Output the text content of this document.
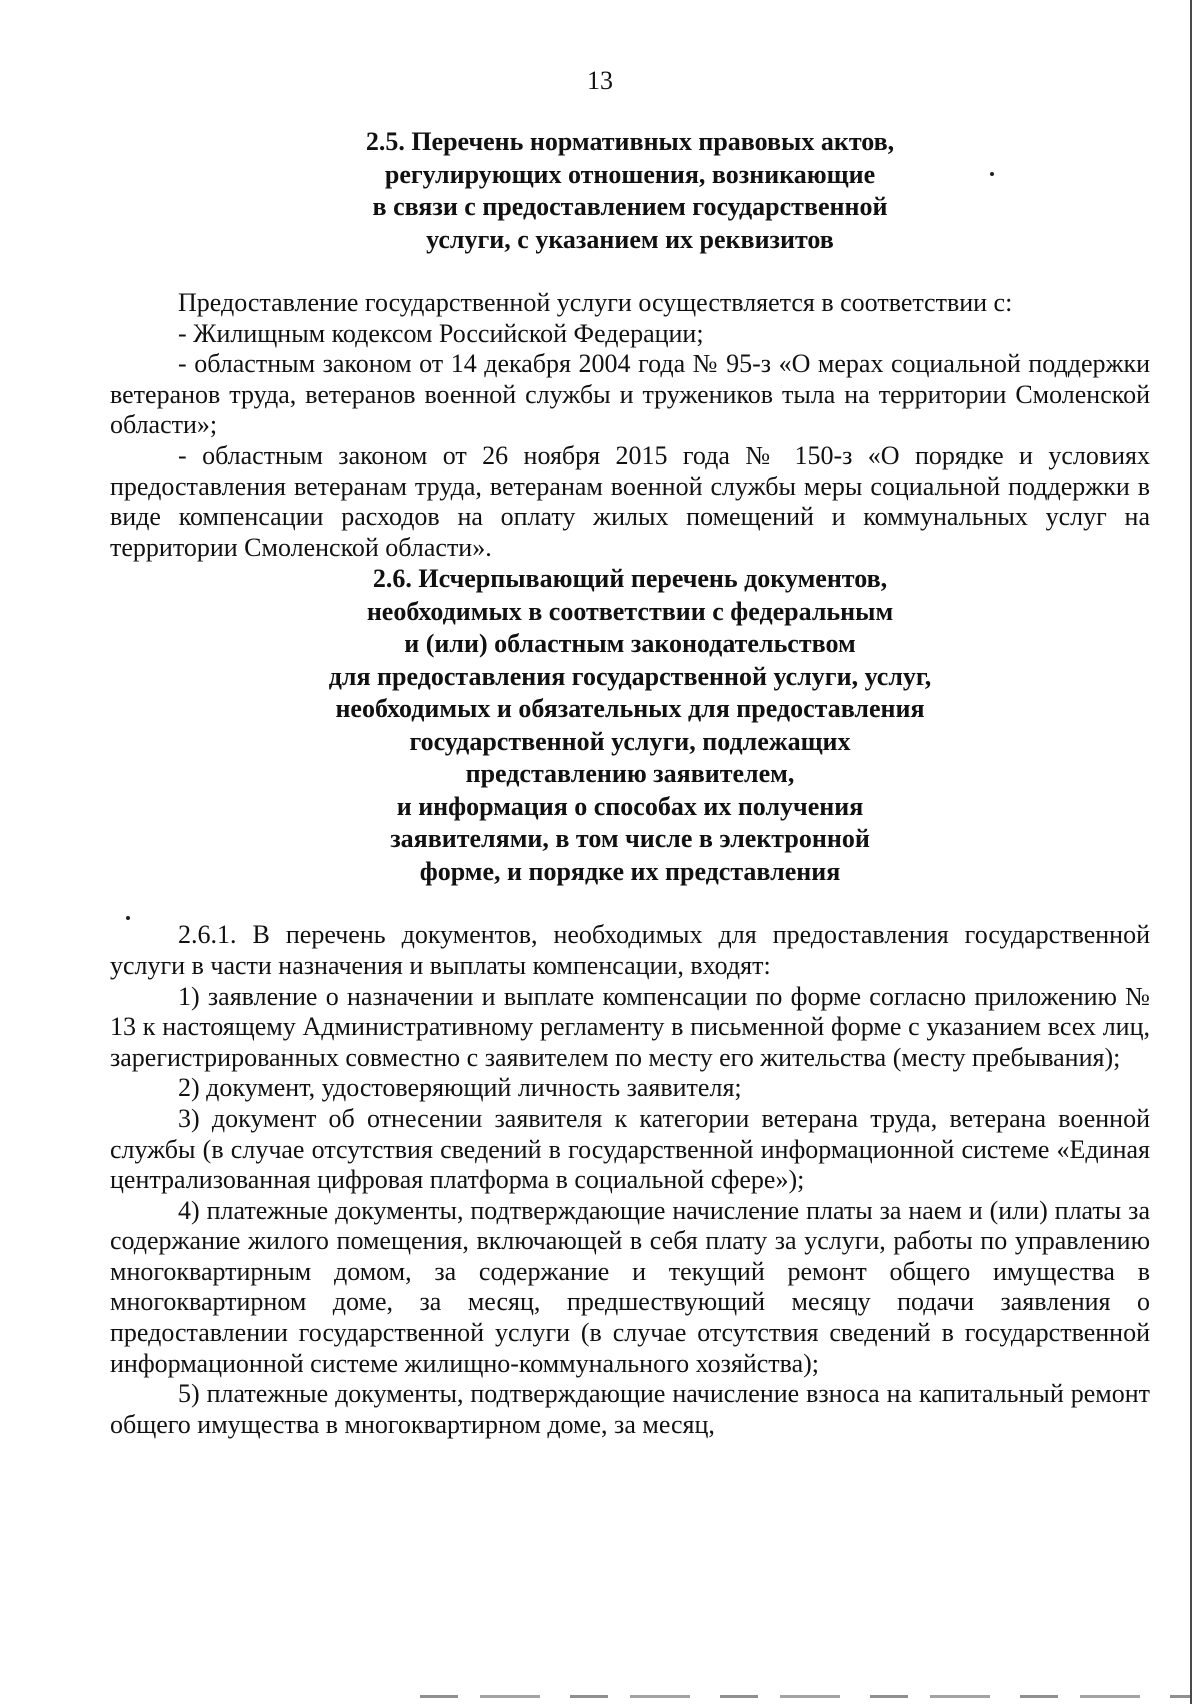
13
2.5. Перечень нормативных правовых актов,
регулирующих отношения, возникающие
в связи с предоставлением государственной
услуги, с указанием их реквизитов

Предоставление государственной услуги осуществляется в соответствии с:

- Жилищным кодексом Российской Федерации;

- областным законом от 14 декабря 2004 года № 95-з «О мерах социальной поддержки ветеранов труда, ветеранов военной службы и тружеников тыла на территории Смоленской области»;

- областным законом от 26 ноября 2015 года № 150-з «О порядке и условиях предоставления ветеранам труда, ветеранам военной службы меры социальной поддержки в виде компенсации расходов на оплату жилых помещений и коммунальных услуг на территории Смоленской области».

2.6. Исчерпывающий перечень документов,
необходимых в соответствии с федеральным
и (или) областным законодательством
для предоставления государственной услуги, услуг,
необходимых и обязательных для предоставления
государственной услуги, подлежащих
представлению заявителем,
и информация о способах их получения
заявителями, в том числе в электронной
форме, и порядке их представления

2.6.1. В перечень документов, необходимых для предоставления государственной услуги в части назначения и выплаты компенсации, входят:

1) заявление о назначении и выплате компенсации по форме согласно приложению № 13 к настоящему Административному регламенту в письменной форме с указанием всех лиц, зарегистрированных совместно с заявителем по месту его жительства (месту пребывания);

2) документ, удостоверяющий личность заявителя;

3) документ об отнесении заявителя к категории ветерана труда, ветерана военной службы (в случае отсутствия сведений в государственной информационной системе «Единая централизованная цифровая платформа в социальной сфере»);

4) платежные документы, подтверждающие начисление платы за наем и (или) платы за содержание жилого помещения, включающей в себя плату за услуги, работы по управлению многоквартирным домом, за содержание и текущий ремонт общего имущества в многоквартирном доме, за месяц, предшествующий месяцу подачи заявления о предоставлении государственной услуги (в случае отсутствия сведений в государственной информационной системе жилищно-коммунального хозяйства);

5) платежные документы, подтверждающие начисление взноса на капитальный ремонт общего имущества в многоквартирном доме, за месяц,
